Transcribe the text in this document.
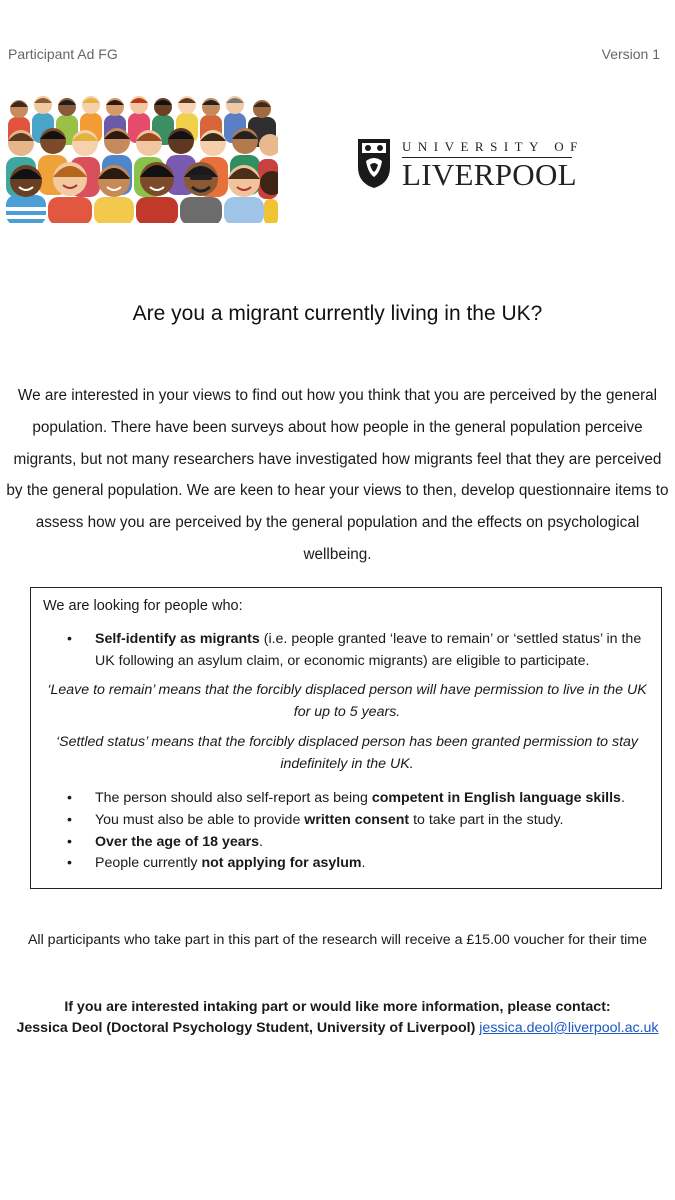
Participant Ad FG	Version 1
UNIVERSITY OF
LIVERPOOL
Are you a migrant currently living in the UK?
We are interested in your views to find out how you think that you are perceived by the general population. There have been surveys about how people in the general population perceive migrants, but not many researchers have investigated how migrants feel that they are perceived by the general population. We are keen to hear your views to then, develop questionnaire items to assess how you are perceived by the general population and the effects on psychological wellbeing.
We are looking for people who:
• Self-identify as migrants (i.e. people granted ‘leave to remain’ or ‘settled status’ in the UK following an asylum claim, or economic migrants) are eligible to participate.
‘Leave to remain’ means that the forcibly displaced person will have permission to live in the UK for up to 5 years.
‘Settled status’ means that the forcibly displaced person has been granted permission to stay indefinitely in the UK.
• The person should also self-report as being competent in English language skills.
• You must also be able to provide written consent to take part in the study.
• Over the age of 18 years.
• People currently not applying for asylum.
All participants who take part in this part of the research will receive a £15.00 voucher for their time
If you are interested intaking part or would like more information, please contact:
Jessica Deol (Doctoral Psychology Student, University of Liverpool) jessica.deol@liverpool.ac.uk
